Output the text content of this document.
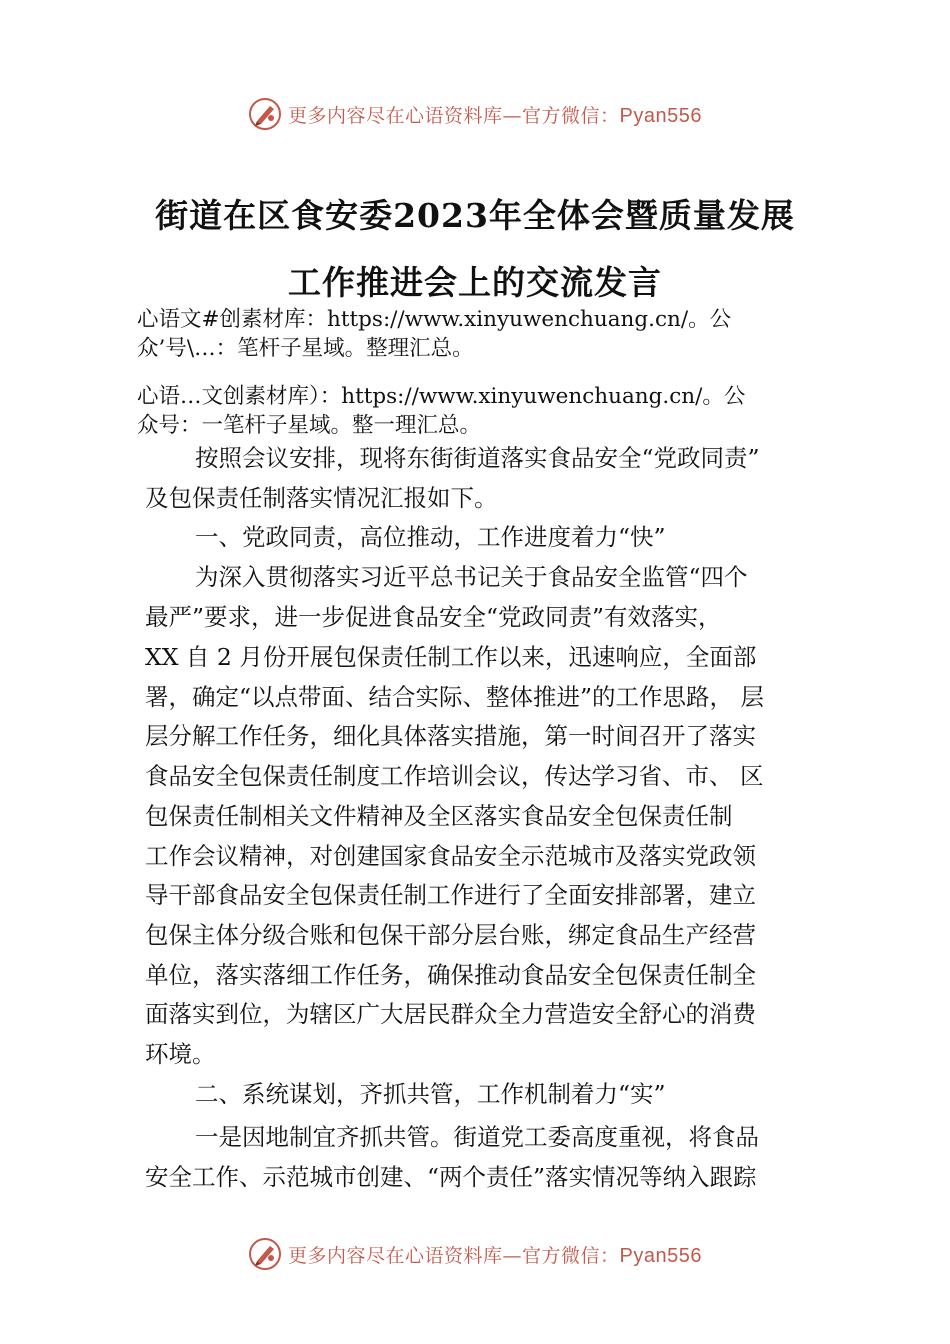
更多内容尽在心语资料库—官方微信：Pyan556
街道在区食安委2023年全体会暨质量发展
工作推进会上的交流发言
心语文#创素材库：https://www.xinyuwenchuang.cn/。公
众’号\…：笔杆子星域。整理汇总。
心语…文创素材库）：https://www.xinyuwenchuang.cn/。公
众号：一笔杆子星域。整一理汇总。
按照会议安排，现将东街街道落实食品安全“党政同责”
及包保责任制落实情况汇报如下。
一、党政同责，高位推动，工作进度着力“快”
为深入贯彻落实习近平总书记关于食品安全监管“四个
最严”要求，进一步促进食品安全“党政同责”有效落实，
XX 自 2 月份开展包保责任制工作以来，迅速响应，全面部
署，确定“以点带面、结合实际、整体推进”的工作思路， 层
层分解工作任务，细化具体落实措施，第一时间召开了落实
食品安全包保责任制度工作培训会议，传达学习省、市、 区
包保责任制相关文件精神及全区落实食品安全包保责任制
工作会议精神，对创建国家食品安全示范城市及落实党政领
导干部食品安全包保责任制工作进行了全面安排部署，建立
包保主体分级合账和包保干部分层台账，绑定食品生产经营
单位，落实落细工作任务，确保推动食品安全包保责任制全
面落实到位，为辖区广大居民群众全力营造安全舒心的消费
环境。
二、系统谋划，齐抓共管，工作机制着力“实”
一是因地制宜齐抓共管。街道党工委高度重视，将食品
安全工作、示范城市创建、“两个责任”落实情况等纳入跟踪
更多内容尽在心语资料库—官方微信：Pyan556
